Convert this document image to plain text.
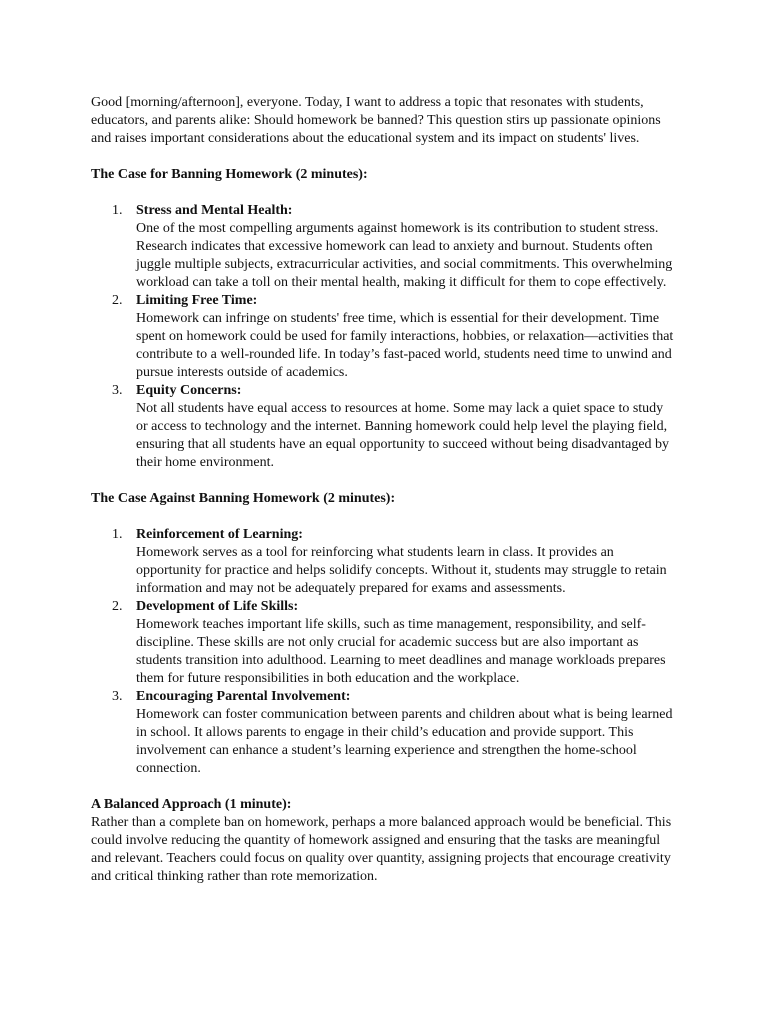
Good [morning/afternoon], everyone. Today, I want to address a topic that resonates with students, educators, and parents alike: Should homework be banned? This question stirs up passionate opinions and raises important considerations about the educational system and its impact on students' lives.

The Case for Banning Homework (2 minutes):

1. Stress and Mental Health:
One of the most compelling arguments against homework is its contribution to student stress. Research indicates that excessive homework can lead to anxiety and burnout. Students often juggle multiple subjects, extracurricular activities, and social commitments. This overwhelming workload can take a toll on their mental health, making it difficult for them to cope effectively.
2. Limiting Free Time:
Homework can infringe on students' free time, which is essential for their development. Time spent on homework could be used for family interactions, hobbies, or relaxation—activities that contribute to a well-rounded life. In today’s fast-paced world, students need time to unwind and pursue interests outside of academics.
3. Equity Concerns:
Not all students have equal access to resources at home. Some may lack a quiet space to study or access to technology and the internet. Banning homework could help level the playing field, ensuring that all students have an equal opportunity to succeed without being disadvantaged by their home environment.

The Case Against Banning Homework (2 minutes):

1. Reinforcement of Learning:
Homework serves as a tool for reinforcing what students learn in class. It provides an opportunity for practice and helps solidify concepts. Without it, students may struggle to retain information and may not be adequately prepared for exams and assessments.
2. Development of Life Skills:
Homework teaches important life skills, such as time management, responsibility, and self-discipline. These skills are not only crucial for academic success but are also important as students transition into adulthood. Learning to meet deadlines and manage workloads prepares them for future responsibilities in both education and the workplace.
3. Encouraging Parental Involvement:
Homework can foster communication between parents and children about what is being learned in school. It allows parents to engage in their child’s education and provide support. This involvement can enhance a student’s learning experience and strengthen the home-school connection.

A Balanced Approach (1 minute):

Rather than a complete ban on homework, perhaps a more balanced approach would be beneficial. This could involve reducing the quantity of homework assigned and ensuring that the tasks are meaningful and relevant. Teachers could focus on quality over quantity, assigning projects that encourage creativity and critical thinking rather than rote memorization.
